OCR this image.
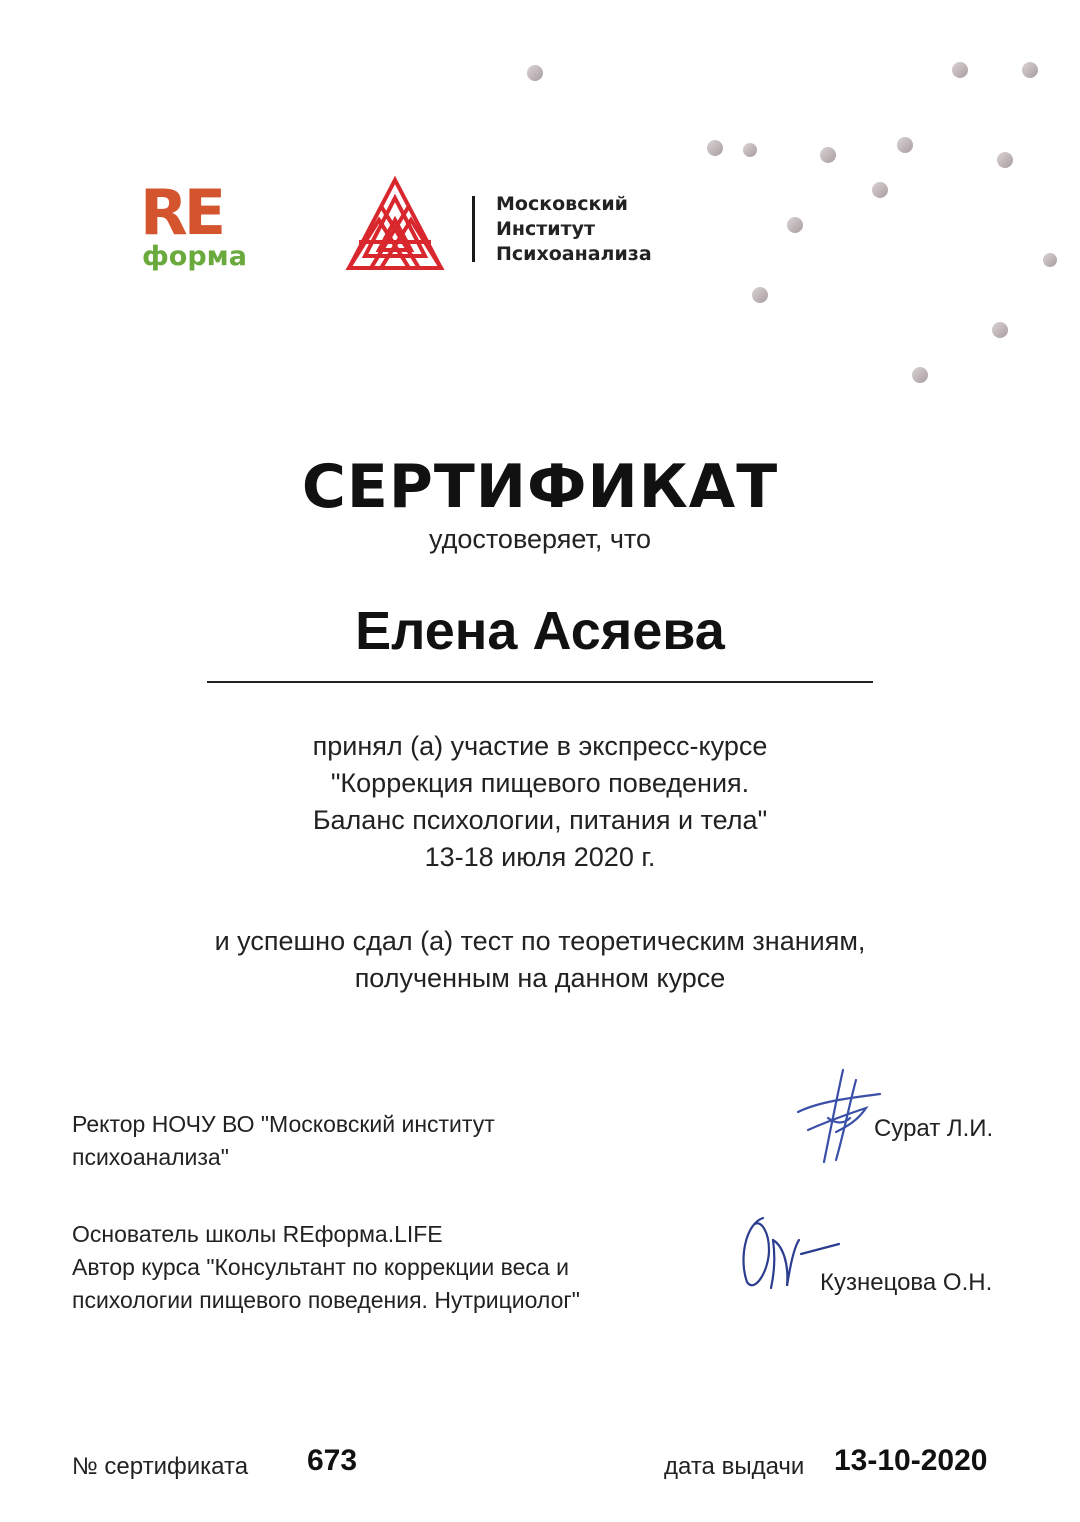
RE
форма
Московский
Институт
Психоанализа
СЕРТИФИКАТ
удостоверяет, что
Елена Асяева
принял (а) участие в экспресс-курсе
"Коррекция пищевого поведения.
Баланс психологии, питания и тела"
13-18 июля 2020 г.
и успешно сдал (а) тест по теоретическим знаниям,
полученным на данном курсе
Ректор НОЧУ ВО "Московский институт
психоанализа"
Сурат Л.И.
Основатель школы REформа.LIFE
Автор курса "Консультант по коррекции веса и
психологии пищевого поведения. Нутрициолог"
Кузнецова О.Н.
№ сертификата 673	дата выдачи 13-10-2020
